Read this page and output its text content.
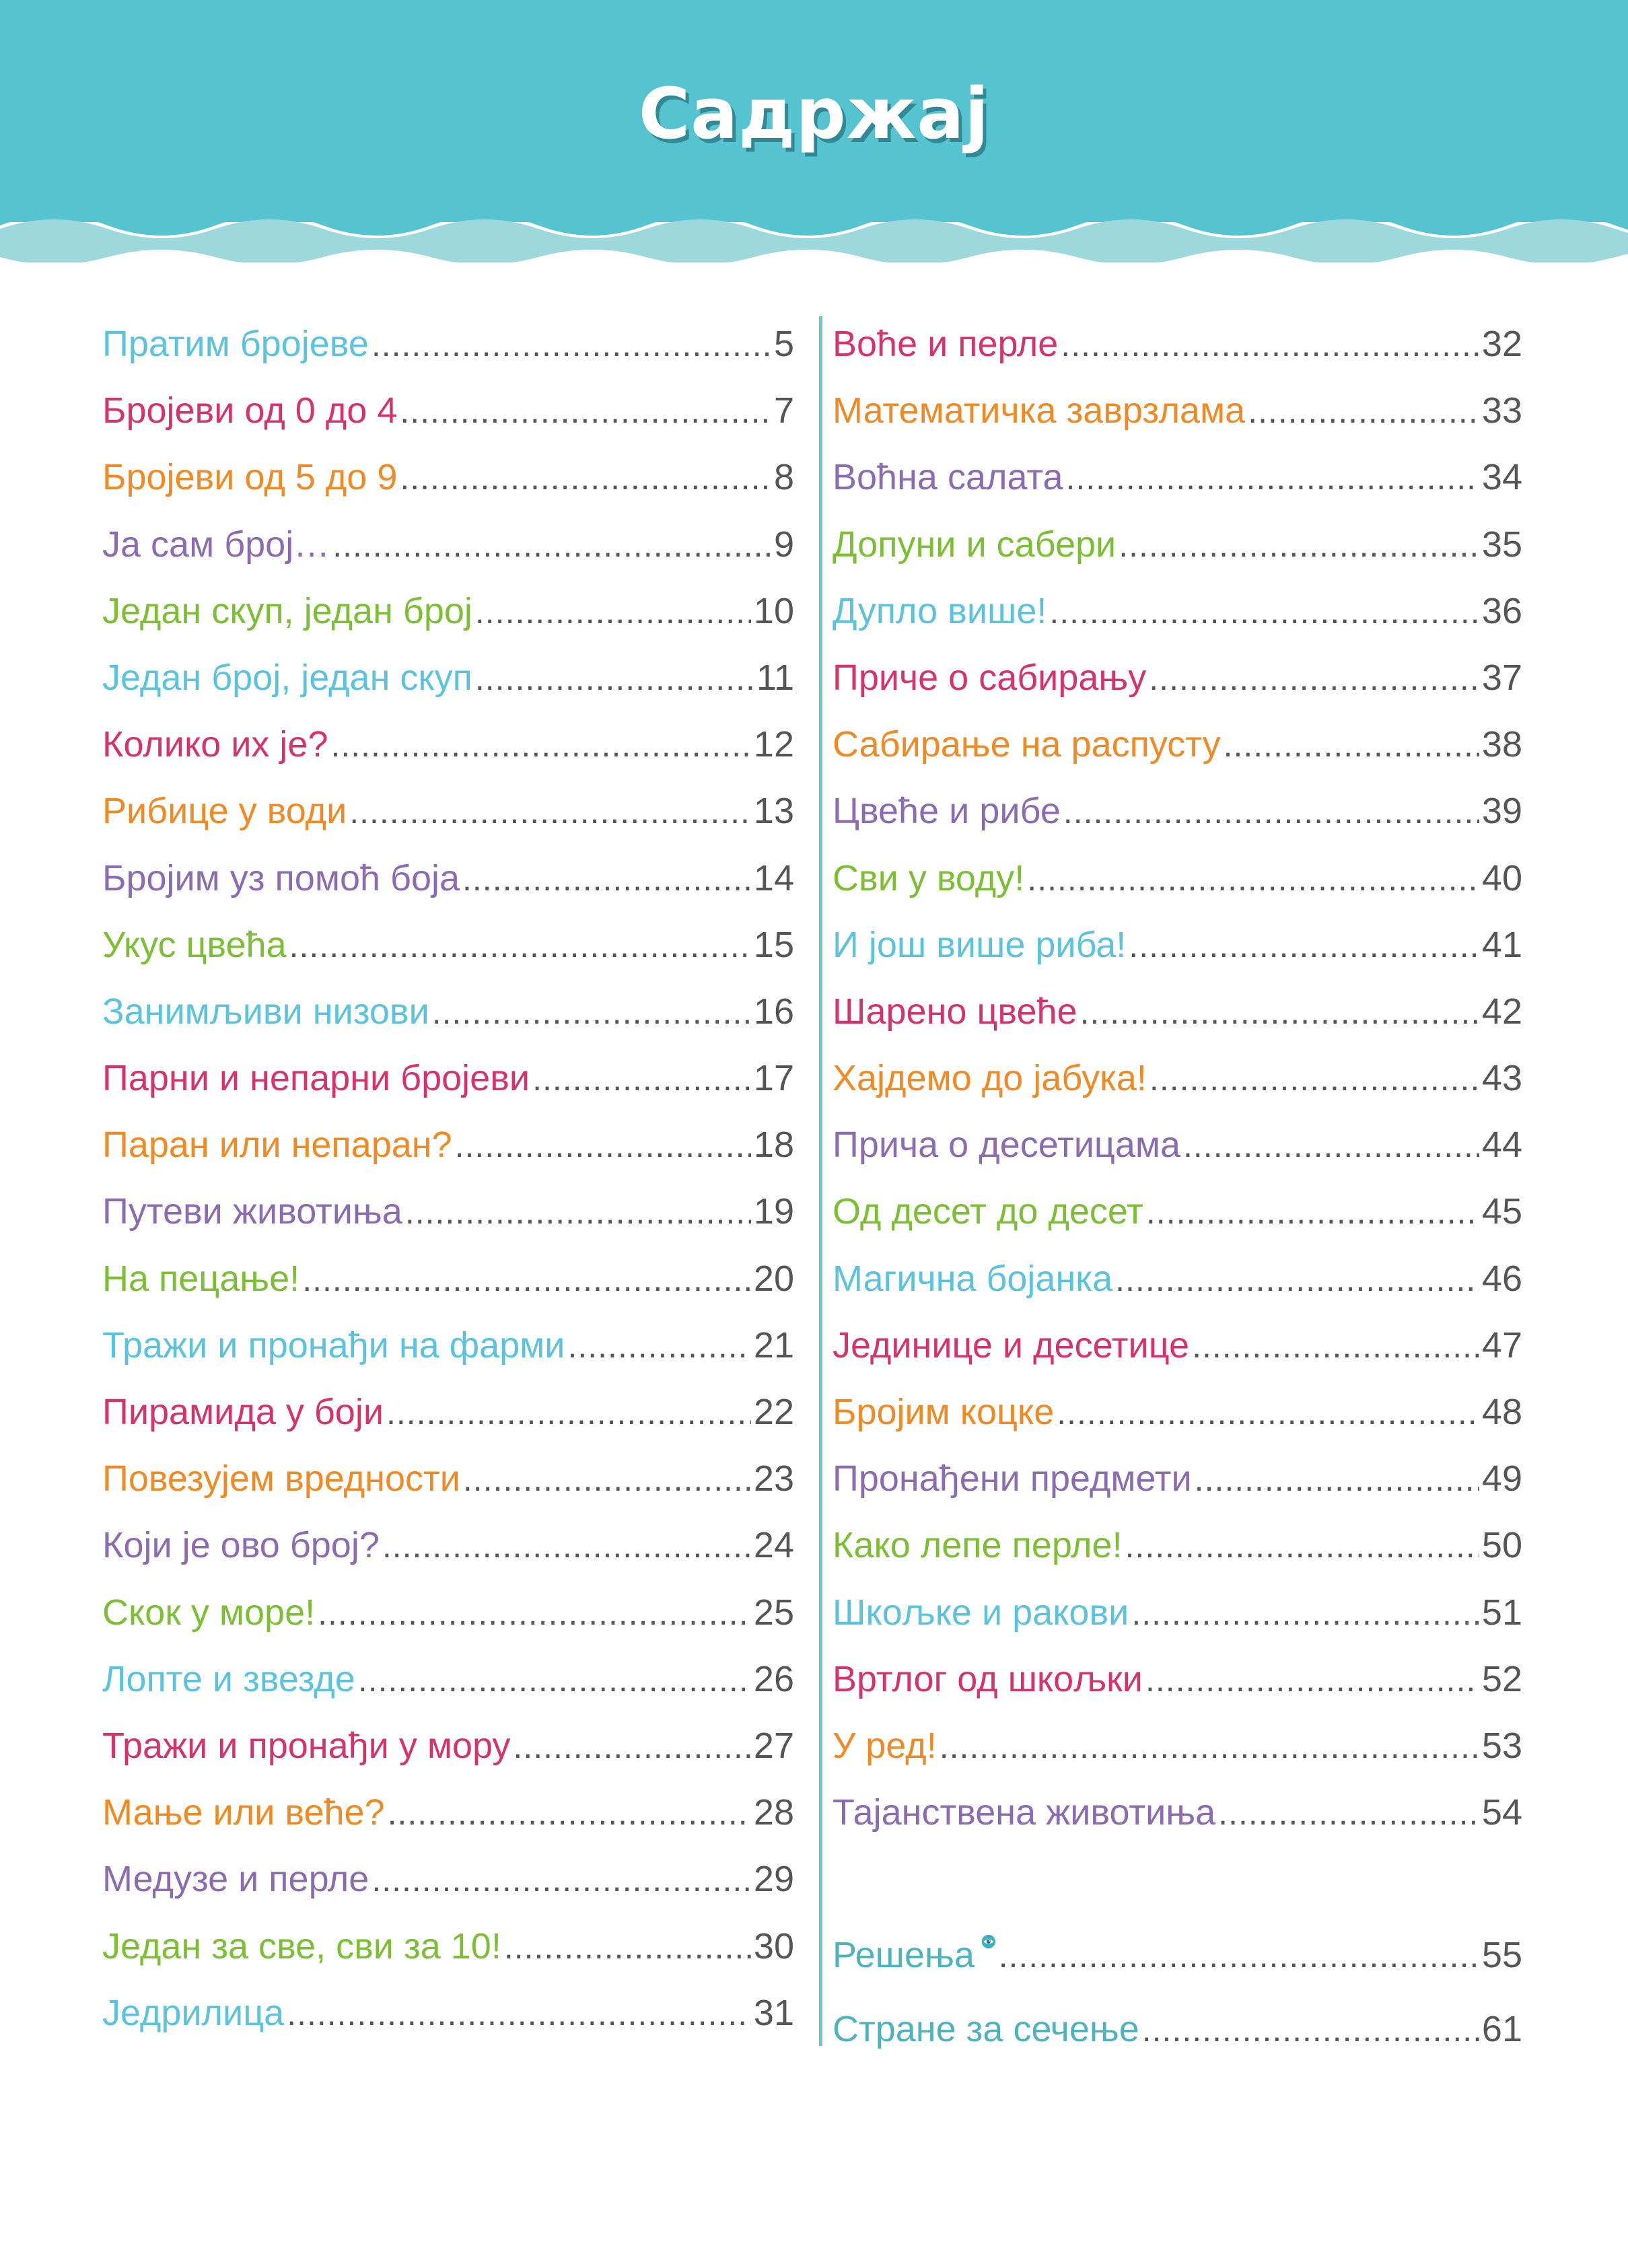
Садржај
Пратим бројеве .....	5
Бројеви од 0 до 4 .....	7
Бројеви од 5 до 9 .....	8
Ја сам број… .....	9
Један скуп, један број .....	10
Један број, један скуп .....	11
Колико их је? .....	12
Рибице у води .....	13
Бројим уз помоћ боја .....	14
Укус цвећа .....	15
Занимљиви низови .....	16
Парни и непарни бројеви .....	17
Паран или непаран? .....	18
Путеви животиња .....	19
На пецање! .....	20
Тражи и пронађи на фарми .....	21
Пирамида у боји .....	22
Повезујем вредности .....	23
Који је ово број? .....	24
Скок у море! .....	25
Лопте и звезде .....	26
Тражи и пронађи у мору .....	27
Мање или веће? .....	28
Медузе и перле .....	29
Један за све, сви за 10! .....	30
Једрилица .....	31
Воће и перле .....	32
Математичка заврзлама .....	33
Воћна салата .....	34
Допуни и сабери .....	35
Дупло више! .....	36
Приче о сабирању .....	37
Сабирање на распусту .....	38
Цвеће и рибе .....	39
Сви у воду! .....	40
И још више риба! .....	41
Шарено цвеће .....	42
Хајдемо до јабука! .....	43
Прича о десетицама .....	44
Од десет до десет .....	45
Магична бојанка .....	46
Јединице и десетице .....	47
Бројим коцке .....	48
Пронађени предмети .....	49
Како лепе перле! .....	50
Шкољке и ракови .....	51
Вртлог од шкољки .....	52
У ред! .....	53
Тајанствена животиња .....	54
Решења .....	55
Стране за сечење .....	61
